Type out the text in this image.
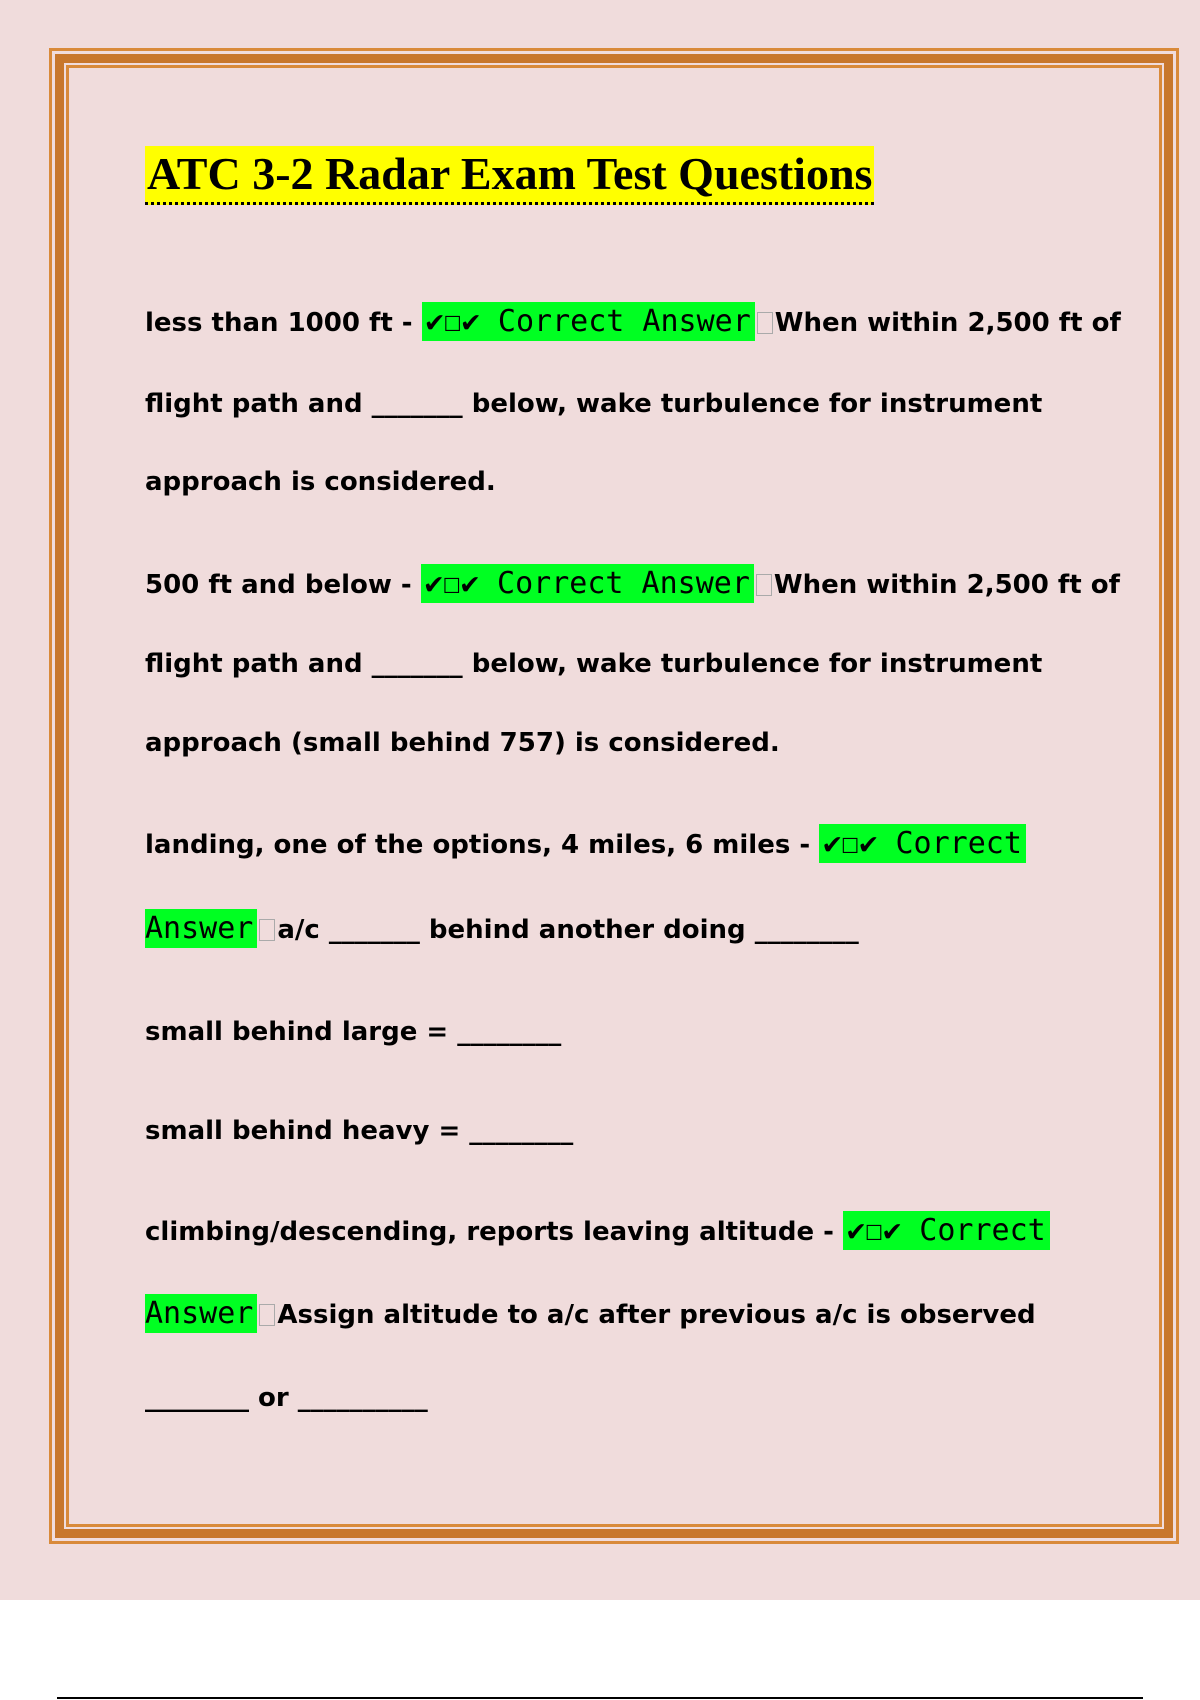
ATC 3-2 Radar Exam Test Questions
less than 1000 ft - ✔☐✔ Correct Answer When within 2,500 ft of
flight path and _______ below, wake turbulence for instrument
approach is considered.
500 ft and below - ✔☐✔ Correct Answer When within 2,500 ft of
flight path and _______ below, wake turbulence for instrument
approach (small behind 757) is considered.
landing, one of the options, 4 miles, 6 miles - ✔☐✔ Correct
Answer a/c _______ behind another doing ________
small behind large = ________
small behind heavy = ________
climbing/descending, reports leaving altitude - ✔☐✔ Correct
Answer Assign altitude to a/c after previous a/c is observed
________ or __________
